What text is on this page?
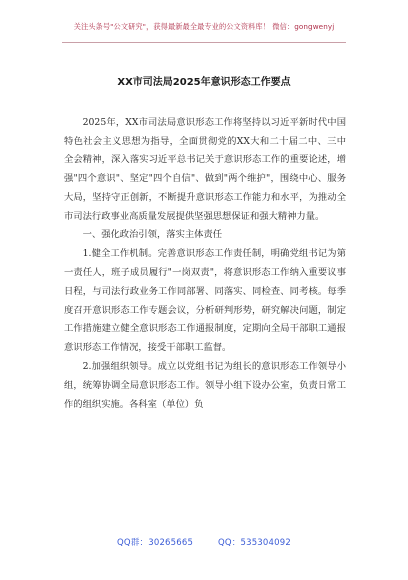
关注头条号"公文研究"，获得最新最全最专业的公文资料库！ 微信：gongwenyj
XX市司法局2025年意识形态工作要点

2025年，XX市司法局意识形态工作将坚持以习近平新时代中国特色社会主义思想为指导，全面贯彻党的XX大和二十届二中、三中全会精神，深入落实习近平总书记关于意识形态工作的重要论述，增强"四个意识"、坚定"四个自信"、做到"两个维护"，围绕中心、服务大局，坚持守正创新，不断提升意识形态工作能力和水平，为推动全市司法行政事业高质量发展提供坚强思想保证和强大精神力量。

一、强化政治引领，落实主体责任

1.健全工作机制。完善意识形态工作责任制，明确党组书记为第一责任人，班子成员履行"一岗双责"，将意识形态工作纳入重要议事日程，与司法行政业务工作同部署、同落实、同检查、同考核。每季度召开意识形态工作专题会议，分析研判形势，研究解决问题，制定工作措施建立健全意识形态工作通报制度，定期向全局干部职工通报意识形态工作情况，接受干部职工监督。

2.加强组织领导。成立以党组书记为组长的意识形态工作领导小组，统筹协调全局意识形态工作。领导小组下设办公室，负责日常工作的组织实施。各科室（单位）负

QQ群：30265665	QQ：535304092
